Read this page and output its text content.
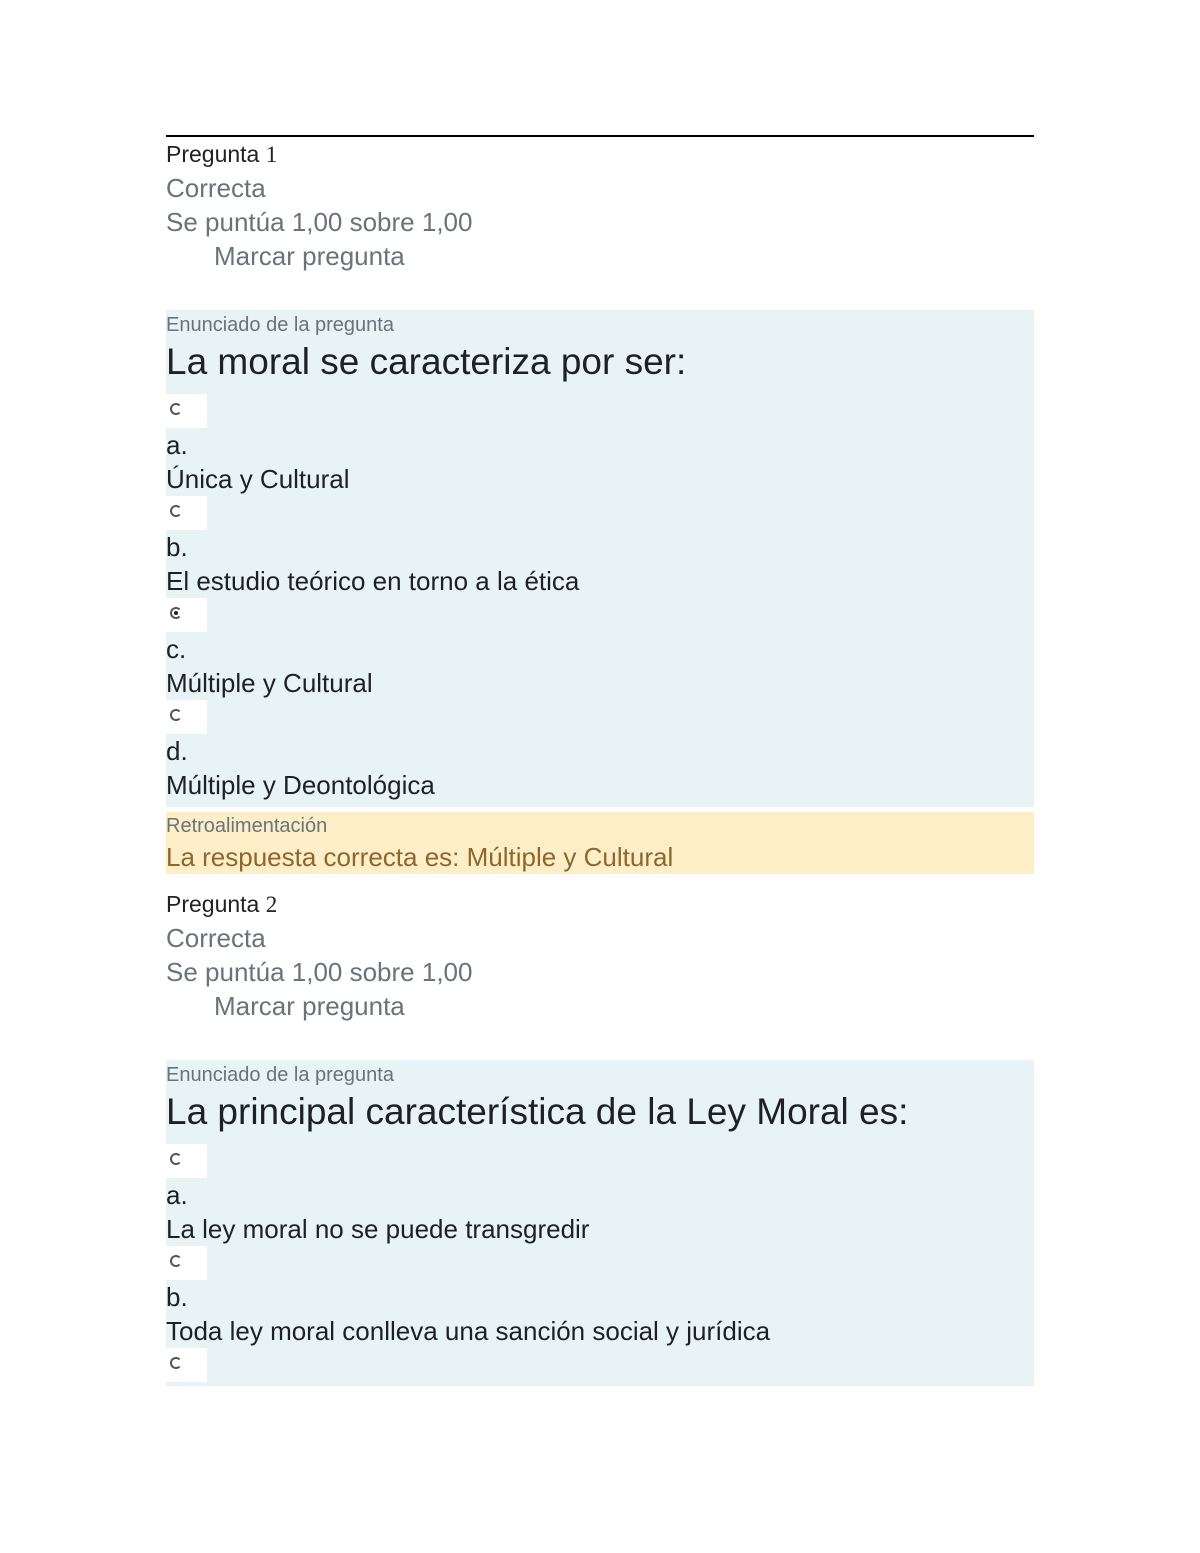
Pregunta 1
Correcta
Se puntúa 1,00 sobre 1,00
Marcar pregunta
Enunciado de la pregunta
La moral se caracteriza por ser:
a.
Única y Cultural
b.
El estudio teórico en torno a la ética
c.
Múltiple y Cultural
d.
Múltiple y Deontológica
Retroalimentación
La respuesta correcta es: Múltiple y Cultural
Pregunta 2
Correcta
Se puntúa 1,00 sobre 1,00
Marcar pregunta
Enunciado de la pregunta
La principal característica de la Ley Moral es:
a.
La ley moral no se puede transgredir
b.
Toda ley moral conlleva una sanción social y jurídica
